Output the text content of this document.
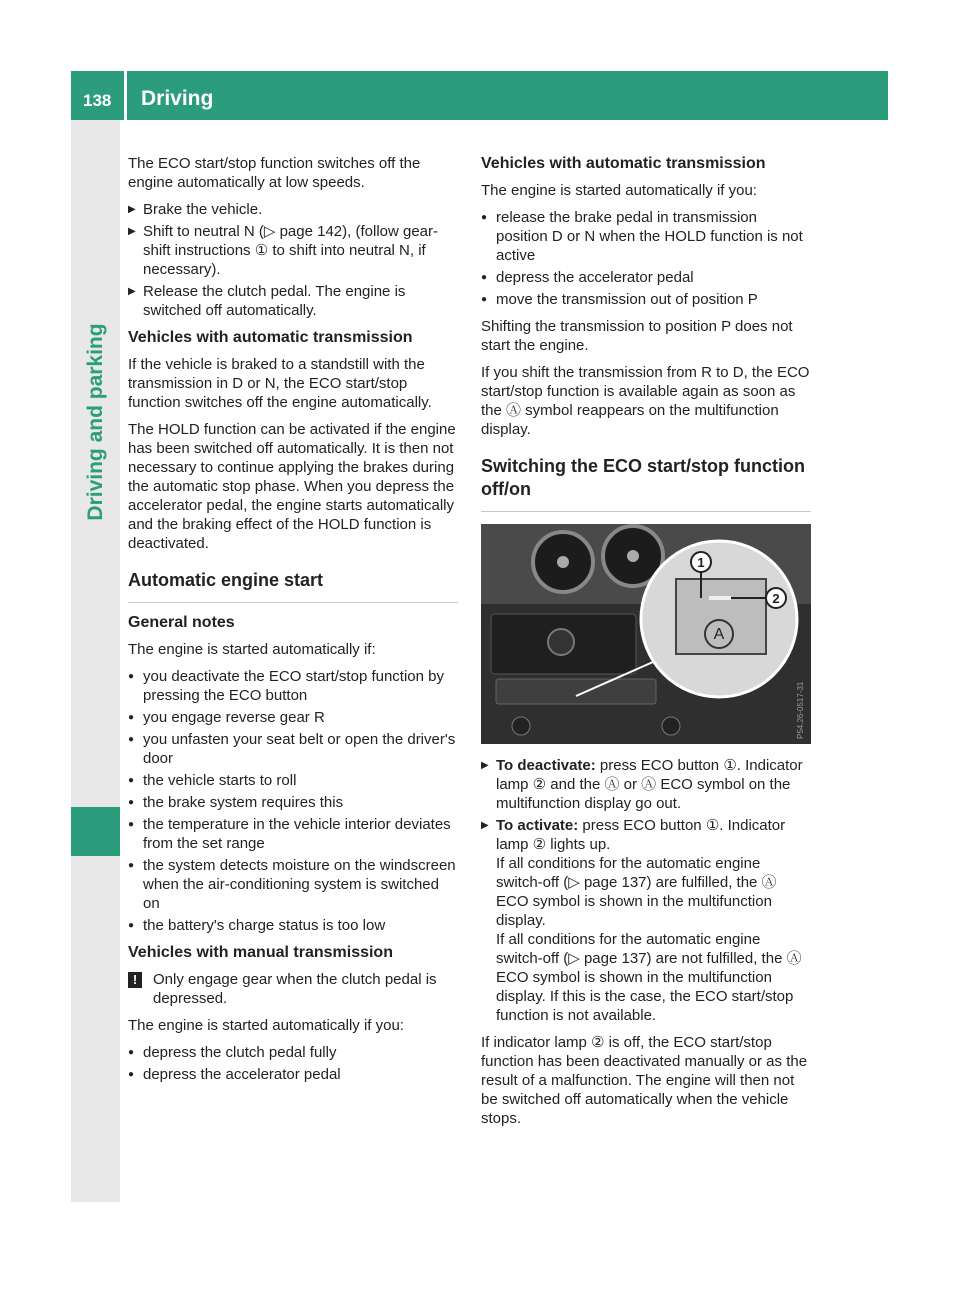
138 Driving
Driving and parking

The ECO start/stop function switches off the engine automatically at low speeds.

▶ Brake the vehicle.
▶ Shift to neutral N (▷ page 142), (follow gear-shift instructions ① to shift into neutral N, if necessary).
▶ Release the clutch pedal. The engine is switched off automatically.
Vehicles with automatic transmission

If the vehicle is braked to a standstill with the transmission in D or N, the ECO start/stop function switches off the engine automatically.

The HOLD function can be activated if the engine has been switched off automatically. It is then not necessary to continue applying the brakes during the automatic stop phase. When you depress the accelerator pedal, the engine starts automatically and the braking effect of the HOLD function is deactivated.

Automatic engine start
General notes

The engine is started automatically if:

● you deactivate the ECO start/stop function by pressing the ECO button
● you engage reverse gear R
● you unfasten your seat belt or open the driver's door
● the vehicle starts to roll
● the brake system requires this
● the temperature in the vehicle interior deviates from the set range
● the system detects moisture on the windscreen when the air-conditioning system is switched on
● the battery's charge status is too low
Vehicles with manual transmission
!	Only engage gear when the clutch pedal is depressed.

The engine is started automatically if you:

● depress the clutch pedal fully
● depress the accelerator pedal
Vehicles with automatic transmission

The engine is started automatically if you:

● release the brake pedal in transmission position D or N when the HOLD function is not active
● depress the accelerator pedal
● move the transmission out of position P

Shifting the transmission to position P does not start the engine.

If you shift the transmission from R to D, the ECO start/stop function is available again as soon as the Ⓐ symbol reappears on the multifunction display.

Switching the ECO start/stop function off/on
A
1
2
P54.26-0517-31
▶ To deactivate: press ECO button ①. Indicator lamp ② and the Ⓐ or Ⓐ ECO symbol on the multifunction display go out.
▶ To activate: press ECO button ①. Indicator lamp ② lights up.
If all conditions for the automatic engine switch-off (▷ page 137) are fulfilled, the Ⓐ ECO symbol is shown in the multifunction display.
If all conditions for the automatic engine switch-off (▷ page 137) are not fulfilled, the Ⓐ ECO symbol is shown in the multifunction display. If this is the case, the ECO start/stop function is not available.

If indicator lamp ② is off, the ECO start/stop function has been deactivated manually or as the result of a malfunction. The engine will then not be switched off automatically when the vehicle stops.
